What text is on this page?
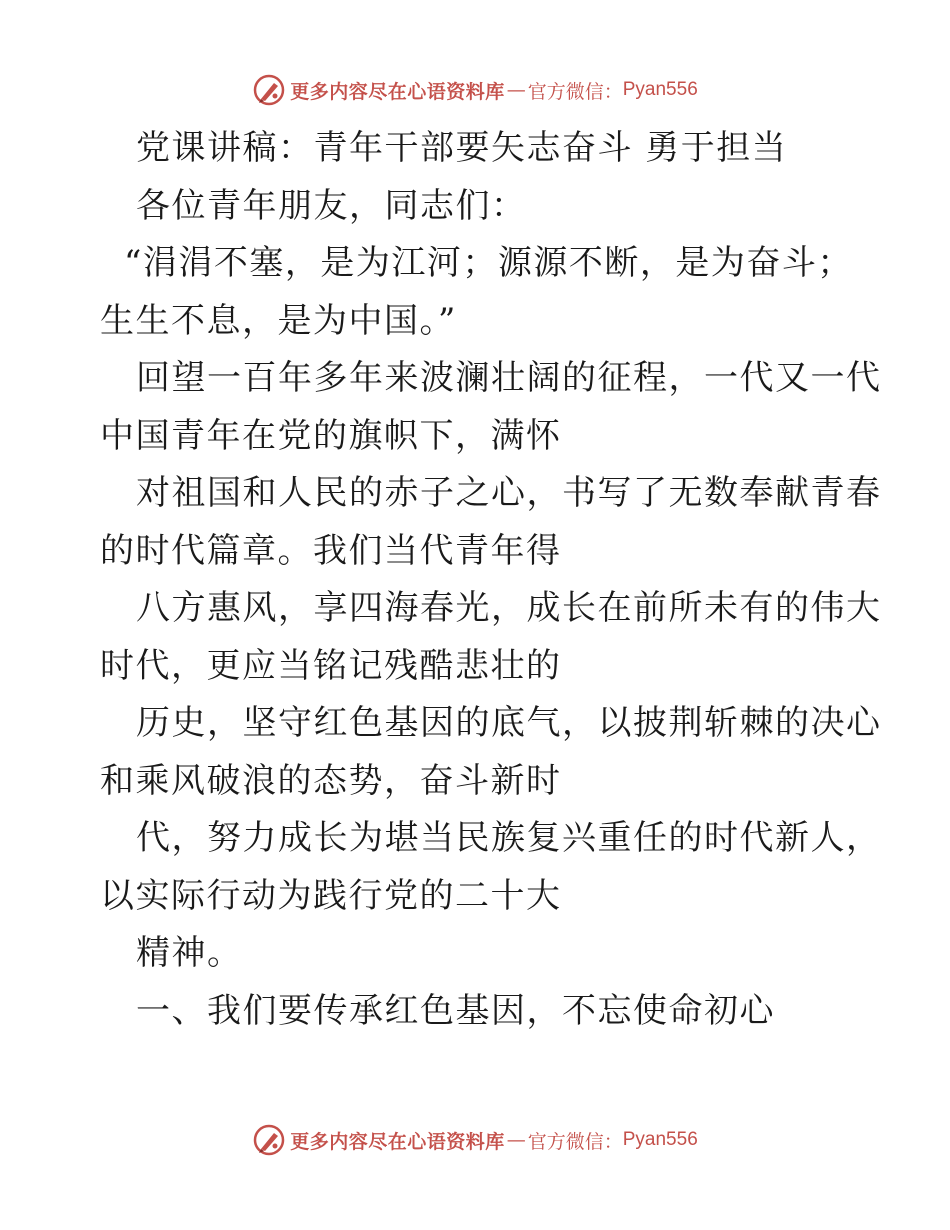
更多内容尽在心语资料库 — 官方微信： Pyan556
党课讲稿：青年干部要矢志奋斗 勇于担当
各位青年朋友，同志们：
“涓涓不塞，是为江河；源源不断，是为奋斗；
生生不息，是为中国。”
回望一百年多年来波澜壮阔的征程，一代又一代
中国青年在党的旗帜下，满怀
对祖国和人民的赤子之心，书写了无数奉献青春
的时代篇章。我们当代青年得
八方惠风，享四海春光，成长在前所未有的伟大
时代，更应当铭记残酷悲壮的
历史，坚守红色基因的底气，以披荆斩棘的决心
和乘风破浪的态势，奋斗新时
代，努力成长为堪当民族复兴重任的时代新人，
以实际行动为践行党的二十大
精神。
一、我们要传承红色基因，不忘使命初心
更多内容尽在心语资料库 — 官方微信： Pyan556
